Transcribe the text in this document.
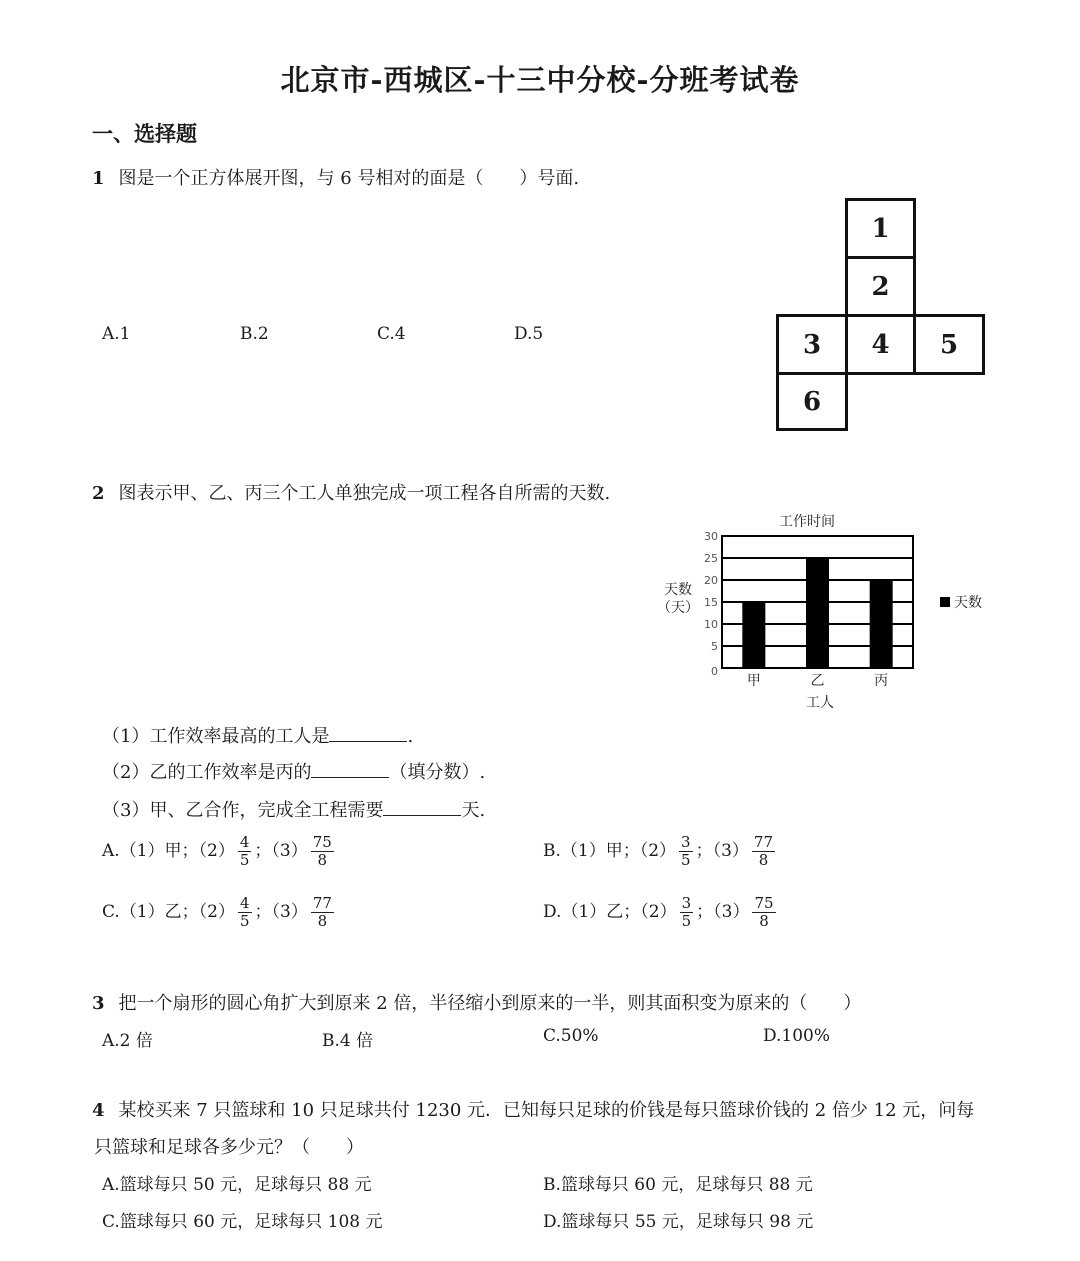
北京市-西城区-十三中分校-分班考试卷
一、选择题
1 图是一个正方体展开图，与 6 号相对的面是（　　）号面.
A.1	B.2	C.4	D.5
1
2
3	4	5
6
2 图表示甲、乙、丙三个工人单独完成一项工程各自所需的天数.
工作时间
0
5
10
15
20
25
30
甲	乙	丙
天数
（天）
工人
天数
（1）工作效率最高的工人是	.
（2）乙的工作效率是丙的	（填分数）.
（3）甲、乙合作，完成全工程需要	天.
A.（1）甲；$(2) \frac{4}{5}$ ；$(3) \frac{75}{8}$	B.（1）甲；$(2) \frac{3}{5}$ ；$(3) \frac{77}{8}$
C.（1）乙；$(2) \frac{4}{5}$ ；$(3) \frac{77}{8}$	D.（1）乙；$(2) \frac{3}{5}$ ；$(3) \frac{75}{8}$
3 把一个扇形的圆心角扩大到原来 2 倍，半径缩小到原来的一半，则其面积变为原来的（　　）
A.2 倍	B.4 倍	C.50%	D.100%
4 某校买来 7 只篮球和 10 只足球共付 1230 元．已知每只足球的价钱是每只篮球价钱的 2 倍少 12 元，问每
只篮球和足球各多少元？（　　）
A.篮球每只 50 元，足球每只 88 元	B.篮球每只 60 元，足球每只 88 元
C.篮球每只 60 元，足球每只 108 元	D.篮球每只 55 元，足球每只 98 元
